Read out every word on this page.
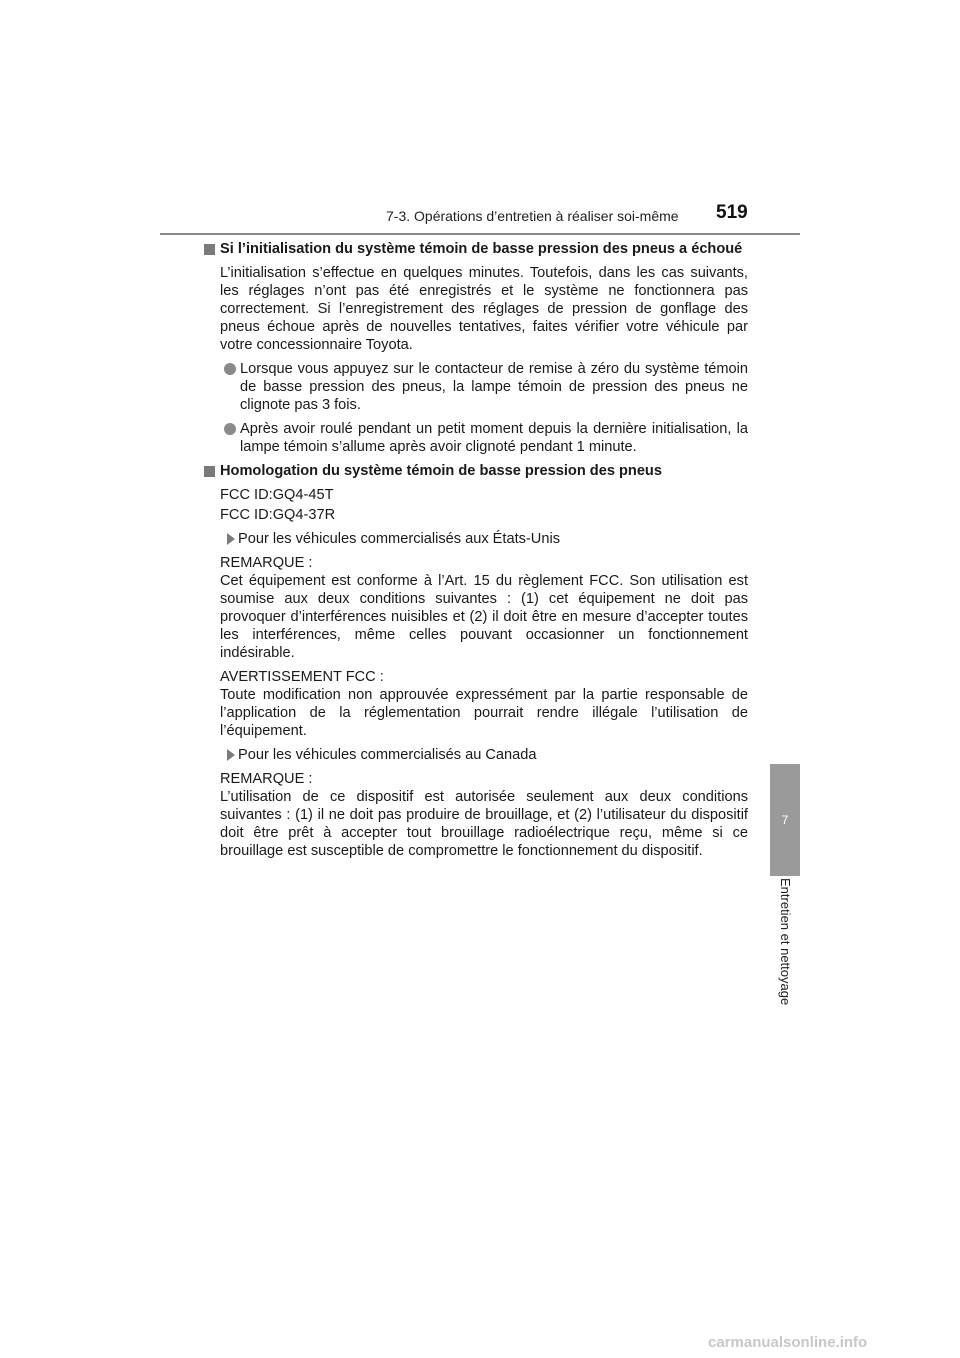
7-3. Opérations d’entretien à réaliser soi-même 519
7
Entretien et nettoyage
Si l’initialisation du système témoin de basse pression des pneus a échoué
L’initialisation s’effectue en quelques minutes. Toutefois, dans les cas suivants, les réglages n’ont pas été enregistrés et le système ne fonctionnera pas correctement. Si l’enregistrement des réglages de pression de gonflage des pneus échoue après de nouvelles tentatives, faites vérifier votre véhicule par votre concessionnaire Toyota.
Lorsque vous appuyez sur le contacteur de remise à zéro du système témoin de basse pression des pneus, la lampe témoin de pression des pneus ne clignote pas 3 fois.
Après avoir roulé pendant un petit moment depuis la dernière initialisation, la lampe témoin s’allume après avoir clignoté pendant 1 minute.
Homologation du système témoin de basse pression des pneus
FCC ID:GQ4-45T
FCC ID:GQ4-37R
Pour les véhicules commercialisés aux États-Unis
REMARQUE :
Cet équipement est conforme à l’Art. 15 du règlement FCC. Son utilisation est soumise aux deux conditions suivantes : (1) cet équipement ne doit pas provoquer d’interférences nuisibles et (2) il doit être en mesure d’accepter toutes les interférences, même celles pouvant occasionner un fonctionnement indésirable.
AVERTISSEMENT FCC :
Toute modification non approuvée expressément par la partie responsable de l’application de la réglementation pourrait rendre illégale l’utilisation de l’équipement.
Pour les véhicules commercialisés au Canada
REMARQUE :
L’utilisation de ce dispositif est autorisée seulement aux deux conditions suivantes : (1) il ne doit pas produire de brouillage, et (2) l’utilisateur du dispositif doit être prêt à accepter tout brouillage radioélectrique reçu, même si ce brouillage est susceptible de compromettre le fonctionnement du dispositif.
carmanualsonline.info
